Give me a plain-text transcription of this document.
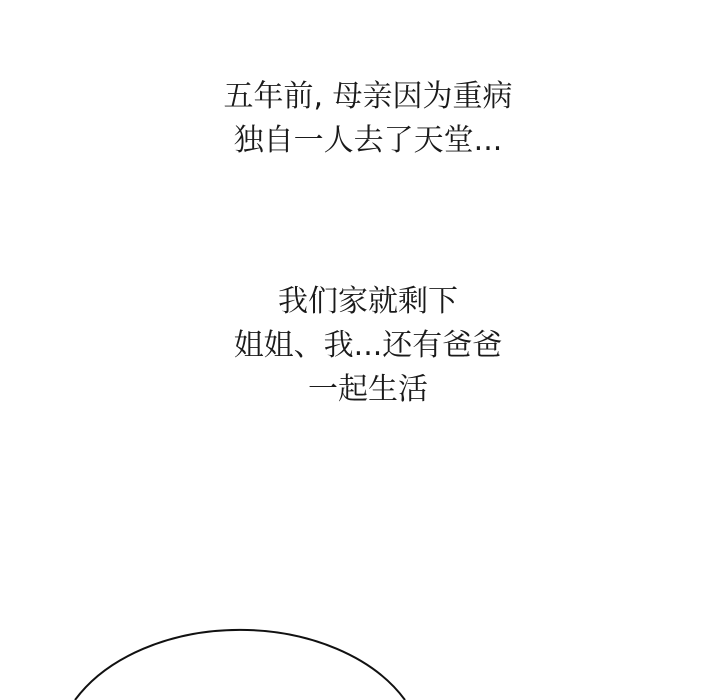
五年前, 母亲因为重病
独自一人去了天堂...
我们家就剩下
姐姐、我...还有爸爸
一起生活
